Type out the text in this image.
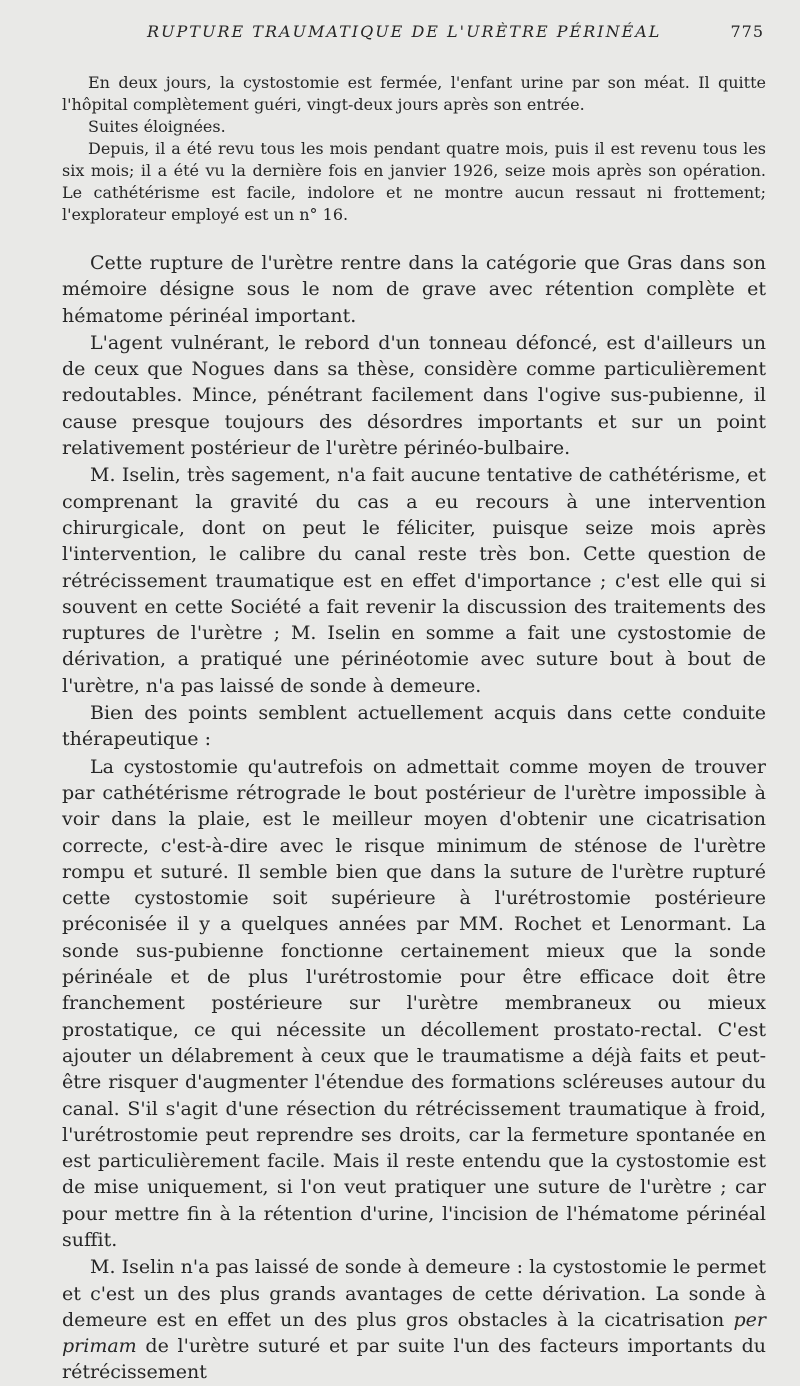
RUPTURE TRAUMATIQUE DE L'URÈTRE PÉRINÉAL	775

En deux jours, la cystostomie est fermée, l'enfant urine par son méat. Il quitte l'hôpital complètement guéri, vingt-deux jours après son entrée.

Suites éloignées.

Depuis, il a été revu tous les mois pendant quatre mois, puis il est revenu tous les six mois; il a été vu la dernière fois en janvier 1926, seize mois après son opération. Le cathétérisme est facile, indolore et ne montre aucun ressaut ni frottement; l'explorateur employé est un n° 16.

Cette rupture de l'urètre rentre dans la catégorie que Gras dans son mémoire désigne sous le nom de grave avec rétention complète et hématome périnéal important.

L'agent vulnérant, le rebord d'un tonneau défoncé, est d'ailleurs un de ceux que Nogues dans sa thèse, considère comme particulièrement redoutables. Mince, pénétrant facilement dans l'ogive sus-pubienne, il cause presque toujours des désordres importants et sur un point relativement postérieur de l'urètre périnéo-bulbaire.

M. Iselin, très sagement, n'a fait aucune tentative de cathétérisme, et comprenant la gravité du cas a eu recours à une intervention chirurgicale, dont on peut le féliciter, puisque seize mois après l'intervention, le calibre du canal reste très bon. Cette question de rétrécissement traumatique est en effet d'importance ; c'est elle qui si souvent en cette Société a fait revenir la discussion des traitements des ruptures de l'urètre ; M. Iselin en somme a fait une cystostomie de dérivation, a pratiqué une périnéotomie avec suture bout à bout de l'urètre, n'a pas laissé de sonde à demeure.

Bien des points semblent actuellement acquis dans cette conduite thérapeutique :

La cystostomie qu'autrefois on admettait comme moyen de trouver par cathétérisme rétrograde le bout postérieur de l'urètre impossible à voir dans la plaie, est le meilleur moyen d'obtenir une cicatrisation correcte, c'est-à-dire avec le risque minimum de sténose de l'urètre rompu et suturé. Il semble bien que dans la suture de l'urètre rupturé cette cystostomie soit supérieure à l'urétrostomie postérieure préconisée il y a quelques années par MM. Rochet et Lenormant. La sonde sus-pubienne fonctionne certainement mieux que la sonde périnéale et de plus l'urétrostomie pour être efficace doit être franchement postérieure sur l'urètre membraneux ou mieux prostatique, ce qui nécessite un décollement prostato-rectal. C'est ajouter un délabrement à ceux que le traumatisme a déjà faits et peut-être risquer d'augmenter l'étendue des formations scléreuses autour du canal. S'il s'agit d'une résection du rétrécissement traumatique à froid, l'urétrostomie peut reprendre ses droits, car la fermeture spontanée en est particulièrement facile. Mais il reste entendu que la cystostomie est de mise uniquement, si l'on veut pratiquer une suture de l'urètre ; car pour mettre fin à la rétention d'urine, l'incision de l'hématome périnéal suffit.

M. Iselin n'a pas laissé de sonde à demeure : la cystostomie le permet et c'est un des plus grands avantages de cette dérivation. La sonde à demeure est en effet un des plus gros obstacles à la cicatrisation per primam de l'urètre suturé et par suite l'un des facteurs importants du rétrécissement
